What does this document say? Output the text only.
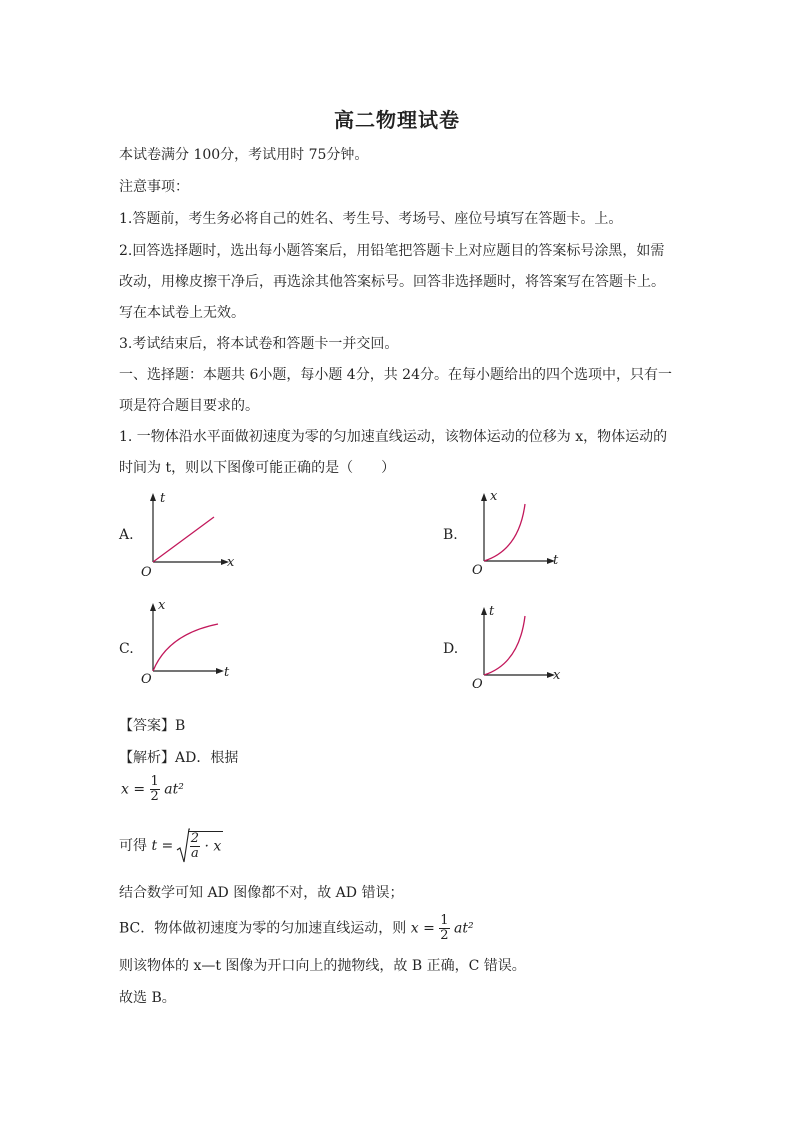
高二物理试卷
本试卷满分 100分，考试用时 75分钟。
注意事项：
1.答题前，考生务必将自己的姓名、考生号、考场号、座位号填写在答题卡。上。
2.回答选择题时，选出每小题答案后，用铅笔把答题卡上对应题目的答案标号涂黑，如需
改动，用橡皮擦干净后，再选涂其他答案标号。回答非选择题时，将答案写在答题卡上。
写在本试卷上无效。
3.考试结束后，将本试卷和答题卡一并交回。
一、选择题：本题共 6小题，每小题 4分，共 24分。在每小题给出的四个选项中，只有一
项是符合题目要求的。
1. 一物体沿水平面做初速度为零的匀加速直线运动，该物体运动的位移为 x，物体运动的
时间为 t，则以下图像可能正确的是（　　）
A.
t
x
O
B.
x
t
O
C.
x
t
O
D.
t
x
O
【答案】B
【解析】AD．根据
$x = \frac{1}{2} at^2$
可得 $t = \frac{2}{a} \cdot x$
结合数学可知 AD 图像都不对，故 AD 错误；
BC．物体做初速度为零的匀加速直线运动，则 $x = \frac{1}{2} at^2$
则该物体的 x—t 图像为开口向上的抛物线，故 B 正确，C 错误。
故选 B。
